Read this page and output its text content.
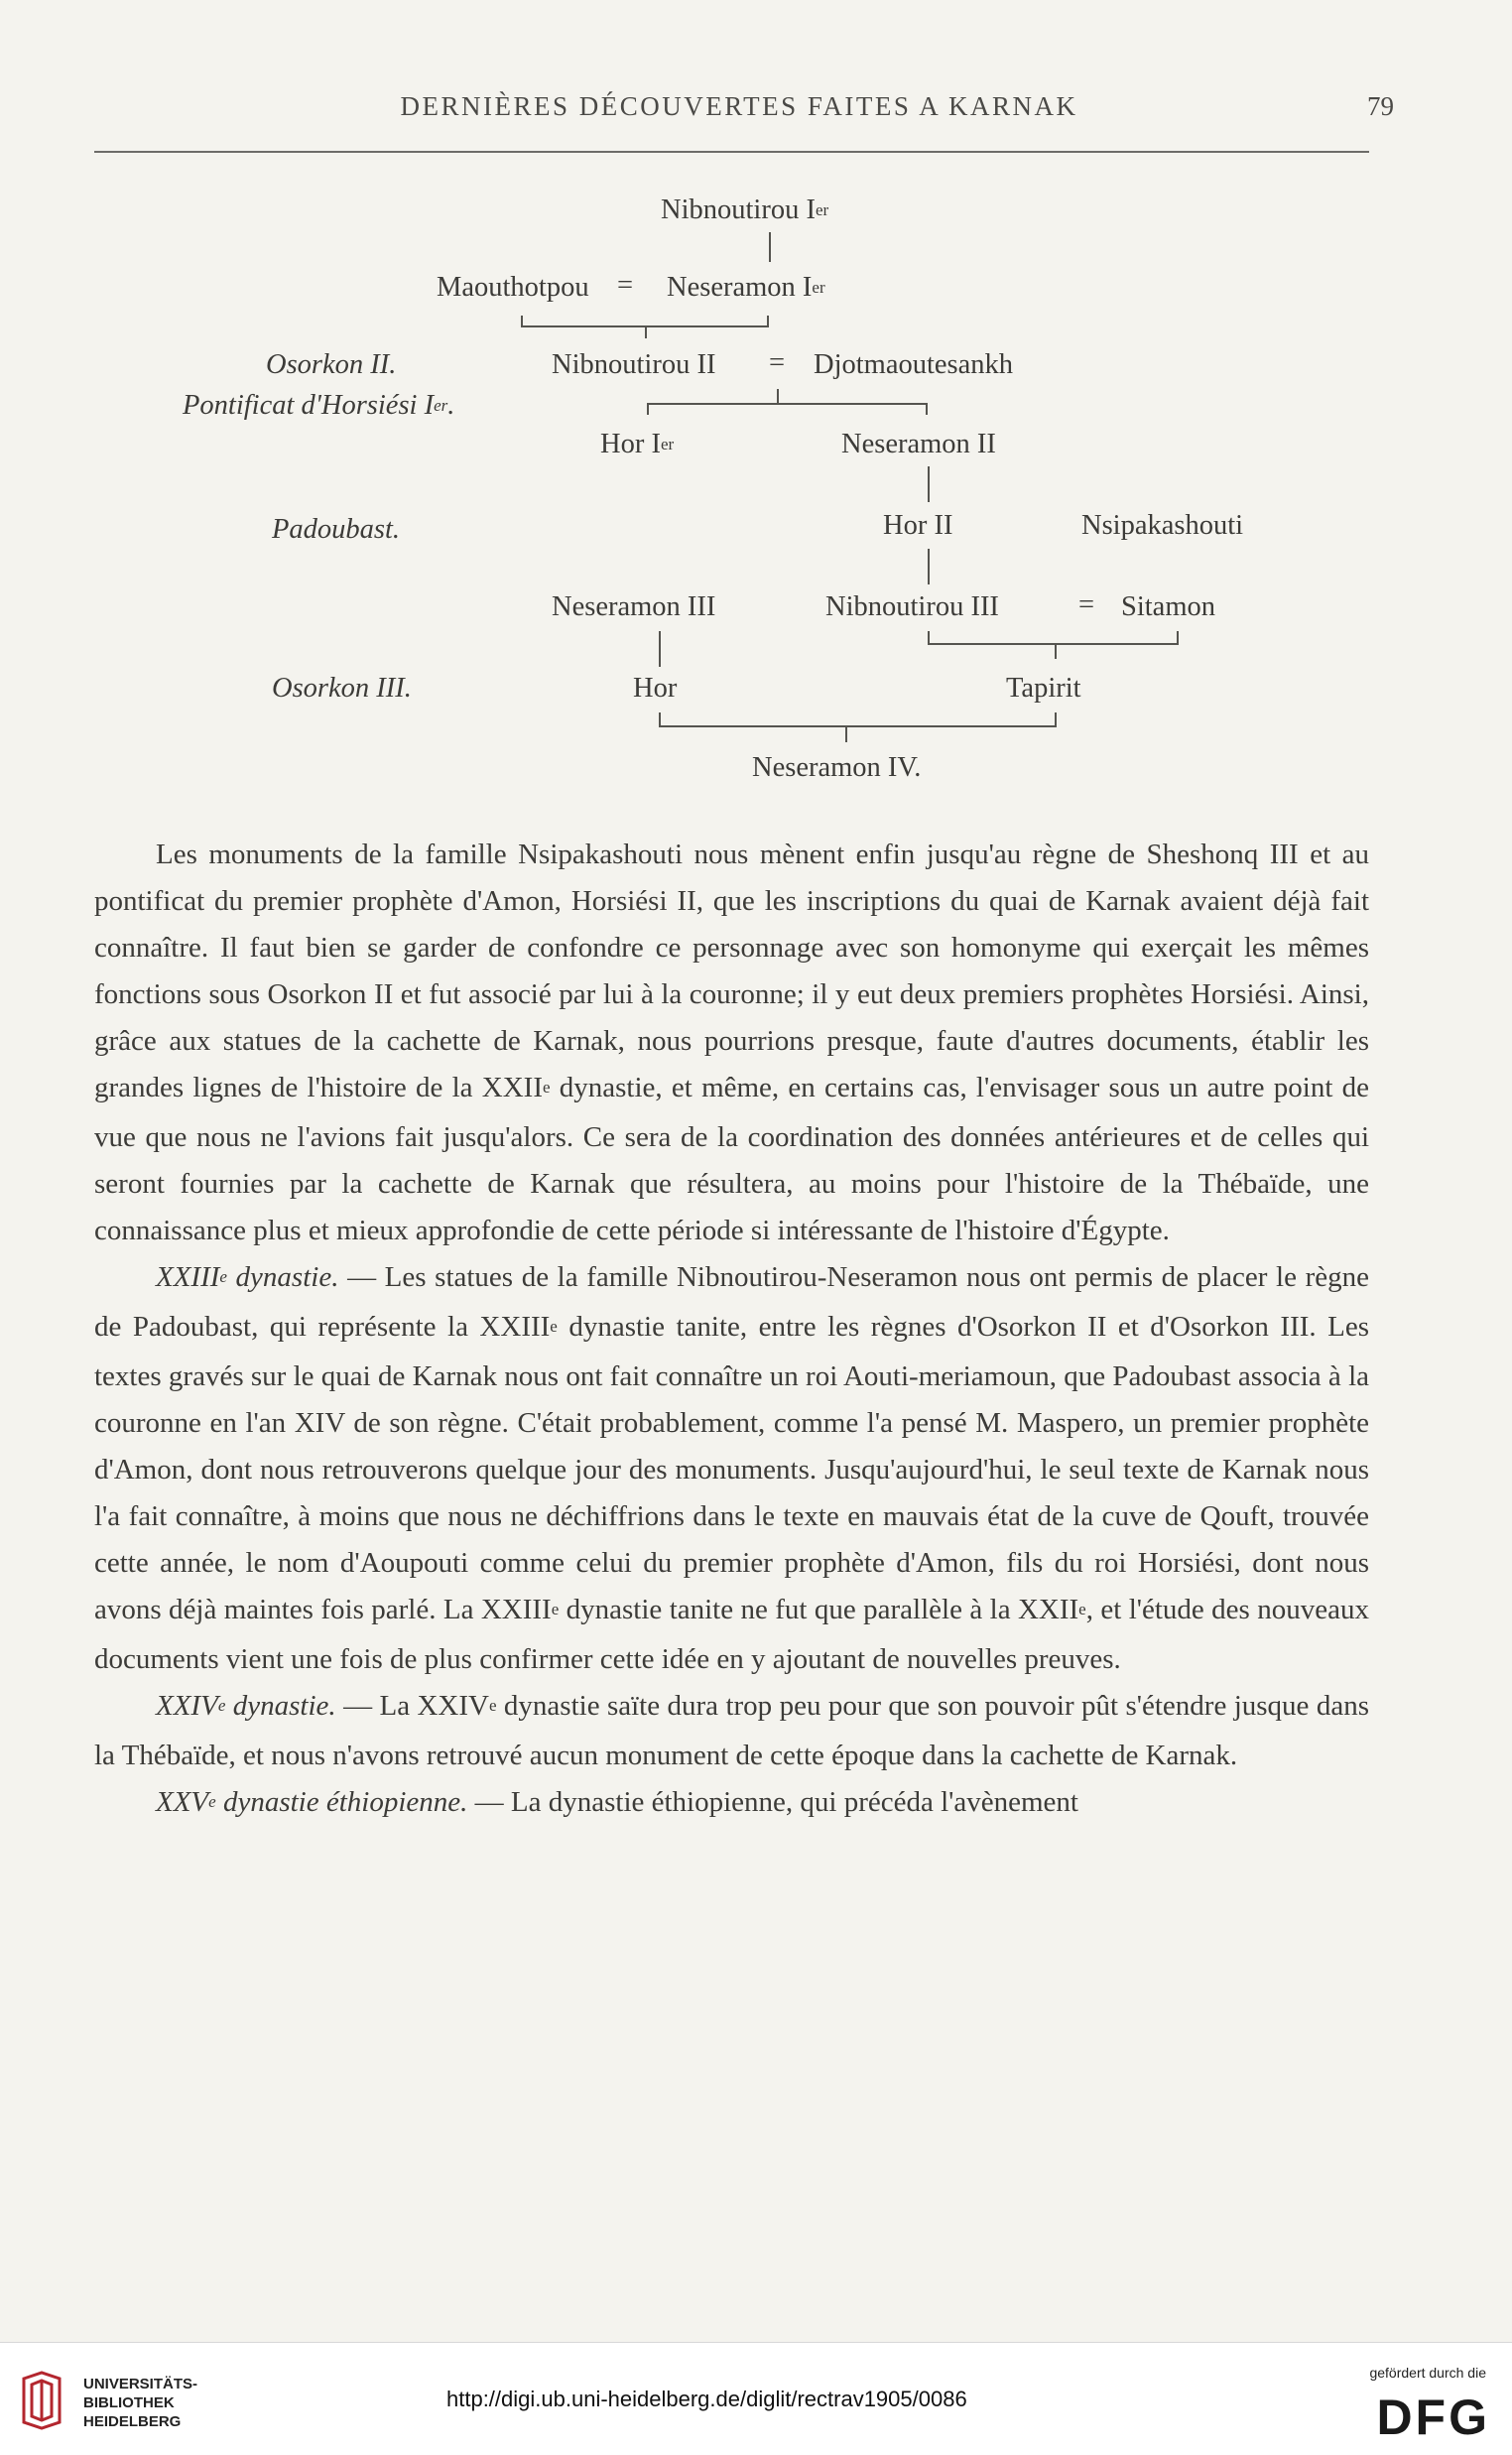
DERNIÈRES DÉCOUVERTES FAITES A KARNAK	79
Nibnoutirou Ier
Maouthotpou = Neseramon Ier
Osorkon II.
Pontificat d'Horsiési Ier.
Nibnoutirou II = Djotmaoutesankh
Hor Ier	Neseramon II
Padoubast.	Hor II	Nsipakashouti
Neseramon III	Nibnoutirou III	= Sitamon
Osorkon III.	Hor	Tapirit
Neseramon IV.

Les monuments de la famille Nsipakashouti nous mènent enfin jusqu'au règne de Sheshonq III et au pontificat du premier prophète d'Amon, Horsiési II, que les inscriptions du quai de Karnak avaient déjà fait connaître. Il faut bien se garder de confondre ce personnage avec son homonyme qui exerçait les mêmes fonctions sous Osorkon II et fut associé par lui à la couronne; il y eut deux premiers prophètes Horsiési. Ainsi, grâce aux statues de la cachette de Karnak, nous pourrions presque, faute d'autres documents, établir les grandes lignes de l'histoire de la XXIIe dynastie, et même, en certains cas, l'envisager sous un autre point de vue que nous ne l'avions fait jusqu'alors. Ce sera de la coordination des données antérieures et de celles qui seront fournies par la cachette de Karnak que résultera, au moins pour l'histoire de la Thébaïde, une connaissance plus et mieux approfondie de cette période si intéressante de l'histoire d'Égypte.

XXIIIe dynastie. — Les statues de la famille Nibnoutirou-Neseramon nous ont permis de placer le règne de Padoubast, qui représente la XXIIIe dynastie tanite, entre les règnes d'Osorkon II et d'Osorkon III. Les textes gravés sur le quai de Karnak nous ont fait connaître un roi Aouti-meriamoun, que Padoubast associa à la couronne en l'an XIV de son règne. C'était probablement, comme l'a pensé M. Maspero, un premier prophète d'Amon, dont nous retrouverons quelque jour des monuments. Jusqu'aujourd'hui, le seul texte de Karnak nous l'a fait connaître, à moins que nous ne déchiffrions dans le texte en mauvais état de la cuve de Qouft, trouvée cette année, le nom d'Aoupouti comme celui du premier prophète d'Amon, fils du roi Horsiési, dont nous avons déjà maintes fois parlé. La XXIIIe dynastie tanite ne fut que parallèle à la XXIIe, et l'étude des nouveaux documents vient une fois de plus confirmer cette idée en y ajoutant de nouvelles preuves.

XXIVe dynastie. — La XXIVe dynastie saïte dura trop peu pour que son pouvoir pût s'étendre jusque dans la Thébaïde, et nous n'avons retrouvé aucun monument de cette époque dans la cachette de Karnak.

XXVe dynastie éthiopienne. — La dynastie éthiopienne, qui précéda l'avènement

UNIVERSITÄTS-
BIBLIOTHEK
HEIDELBERG
http://digi.ub.uni-heidelberg.de/diglit/rectrav1905/0086
gefördert durch die
DFG
